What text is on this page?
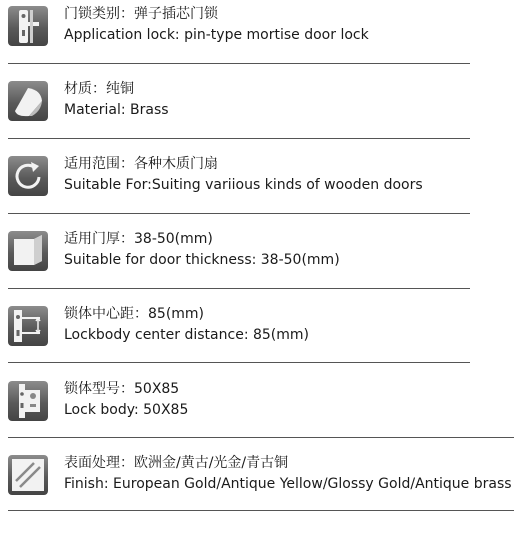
门锁类别：弹子插芯门锁
Application lock: pin-type mortise door lock
材质：纯铜
Material: Brass
适用范围：各种木质门扇
Suitable For:Suiting variious kinds of wooden doors
适用门厚：38-50(mm)
Suitable for door thickness: 38-50(mm)
锁体中心距：85(mm)
Lockbody center distance: 85(mm)
锁体型号：50X85
Lock body: 50X85
表面处理：欧洲金/黄古/光金/青古铜
Finish: European Gold/Antique Yellow/Glossy Gold/Antique brass
